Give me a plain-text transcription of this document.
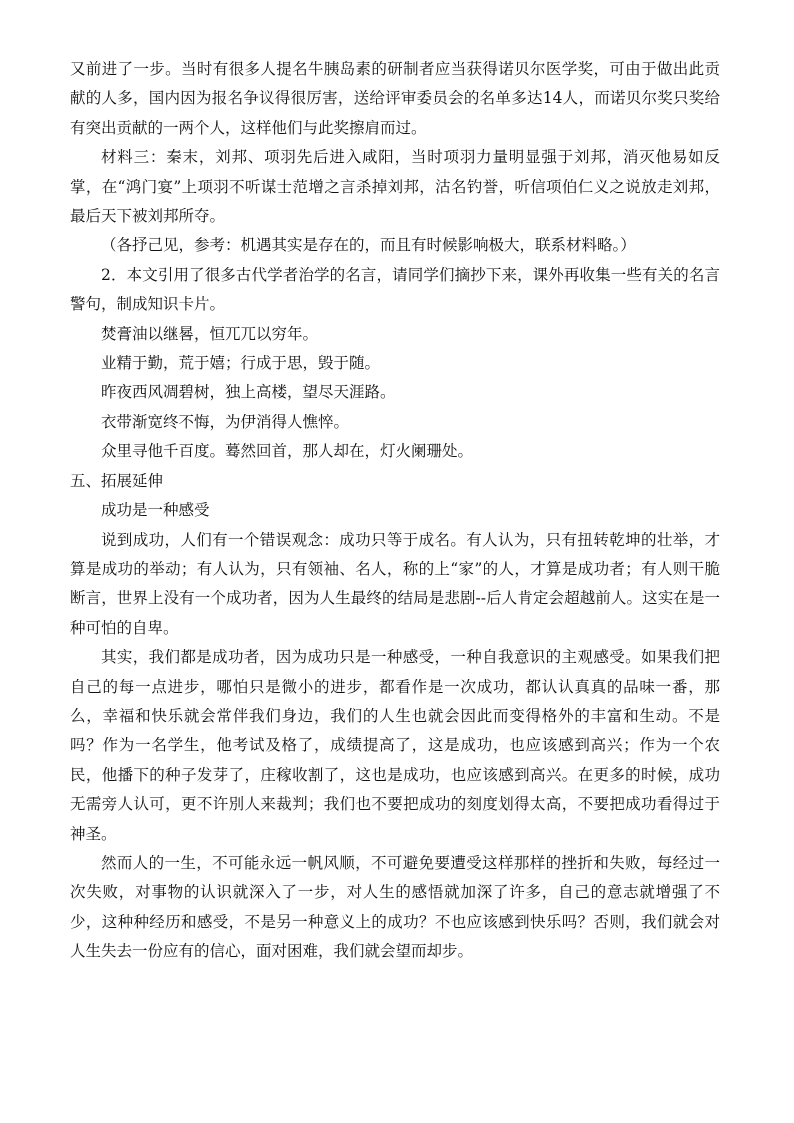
又前进了一步。当时有很多人提名牛胰岛素的研制者应当获得诺贝尔医学奖，可由于做出此贡献的人多，国内因为报名争议得很厉害，送给评审委员会的名单多达14人，而诺贝尔奖只奖给有突出贡献的一两个人，这样他们与此奖擦肩而过。

材料三：秦末，刘邦、项羽先后进入咸阳，当时项羽力量明显强于刘邦，消灭他易如反掌，在“鸿门宴”上项羽不听谋士范增之言杀掉刘邦，沽名钓誉，听信项伯仁义之说放走刘邦，最后天下被刘邦所夺。

（各抒己见，参考：机遇其实是存在的，而且有时候影响极大，联系材料略。）

2．本文引用了很多古代学者治学的名言，请同学们摘抄下来，课外再收集一些有关的名言警句，制成知识卡片。

焚膏油以继晷，恒兀兀以穷年。

业精于勤，荒于嬉；行成于思，毁于随。

昨夜西风凋碧树，独上高楼，望尽天涯路。

衣带渐宽终不悔，为伊消得人憔悴。

众里寻他千百度。蓦然回首，那人却在，灯火阑珊处。

五、拓展延伸

成功是一种感受

说到成功，人们有一个错误观念：成功只等于成名。有人认为，只有扭转乾坤的壮举，才算是成功的举动；有人认为，只有领袖、名人，称的上“家”的人，才算是成功者；有人则干脆断言，世界上没有一个成功者，因为人生最终的结局是悲剧--后人肯定会超越前人。这实在是一种可怕的自卑。

其实，我们都是成功者，因为成功只是一种感受，一种自我意识的主观感受。如果我们把自己的每一点进步，哪怕只是微小的进步，都看作是一次成功，都认认真真的品味一番，那么，幸福和快乐就会常伴我们身边，我们的人生也就会因此而变得格外的丰富和生动。不是吗？作为一名学生，他考试及格了，成绩提高了，这是成功，也应该感到高兴；作为一个农民，他播下的种子发芽了，庄稼收割了，这也是成功，也应该感到高兴。在更多的时候，成功无需旁人认可，更不许別人来裁判；我们也不要把成功的刻度划得太高，不要把成功看得过于神圣。

然而人的一生，不可能永远一帆风顺，不可避免要遭受这样那样的挫折和失败，每经过一次失败，对事物的认识就深入了一步，对人生的感悟就加深了许多，自己的意志就增强了不少，这种种经历和感受，不是另一种意义上的成功？不也应该感到快乐吗？否则，我们就会对人生失去一份应有的信心，面对困难，我们就会望而却步。
